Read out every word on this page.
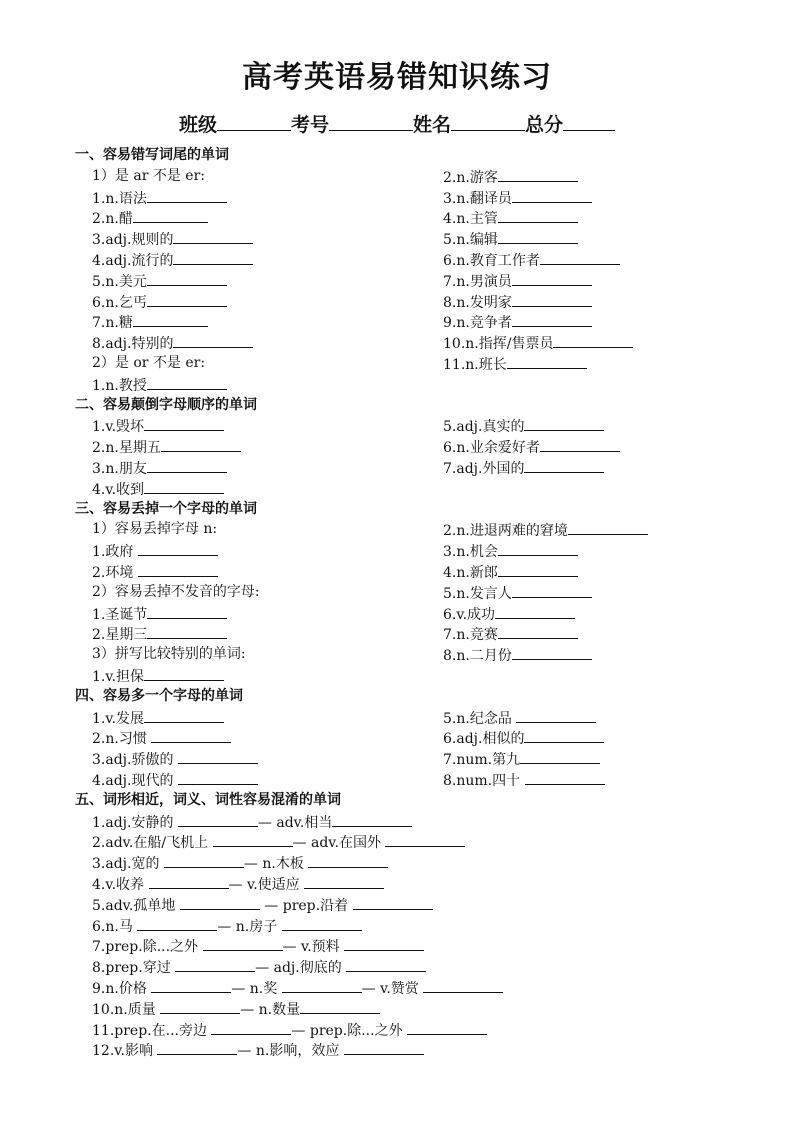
高考英语易错知识练习
班级	考号	姓名	总分
一、容易错写词尾的单词
1）是 ar 不是 er:	2.n.游客
1.n.语法	3.n.翻译员
2.n.醋	4.n.主管
3.adj.规则的	5.n.编辑
4.adj.流行的	6.n.教育工作者
5.n.美元	7.n.男演员
6.n.乞丐	8.n.发明家
7.n.糖	9.n.竞争者
8.adj.特别的	10.n.指挥/售票员
2）是 or 不是 er:	11.n.班长
1.n.教授
二、容易颠倒字母顺序的单词
1.v.毁坏	5.adj.真实的
2.n.星期五	6.n.业余爱好者
3.n.朋友	7.adj.外国的
4.v.收到
三、容易丢掉一个字母的单词
1）容易丢掉字母 n:	2.n.进退两难的窘境
1.政府	3.n.机会
2.环境	4.n.新郎
2）容易丢掉不发音的字母:	5.n.发言人
1.圣诞节	6.v.成功
2.星期三	7.n.竞赛
3）拼写比较特别的单词:	8.n.二月份
1.v.担保
四、容易多一个字母的单词
1.v.发展	5.n.纪念品
2.n.习惯	6.adj.相似的
3.adj.骄傲的	7.num.第九
4.adj.现代的	8.num.四十
五、词形相近，词义、词性容易混淆的单词
1.adj.安静的	— adv.相当
2.adv.在船/飞机上	— adv.在国外
3.adj.宽的	— n.木板
4.v.收养	— v.使适应
5.adv.孤单地	— prep.沿着
6.n.马	— n.房子
7.prep.除...之外	— v.预料
8.prep.穿过	— adj.彻底的
9.n.价格	— n.奖	— v.赞赏
10.n.质量	— n.数量
11.prep.在...旁边	— prep.除...之外
12.v.影响	— n.影响，效应
